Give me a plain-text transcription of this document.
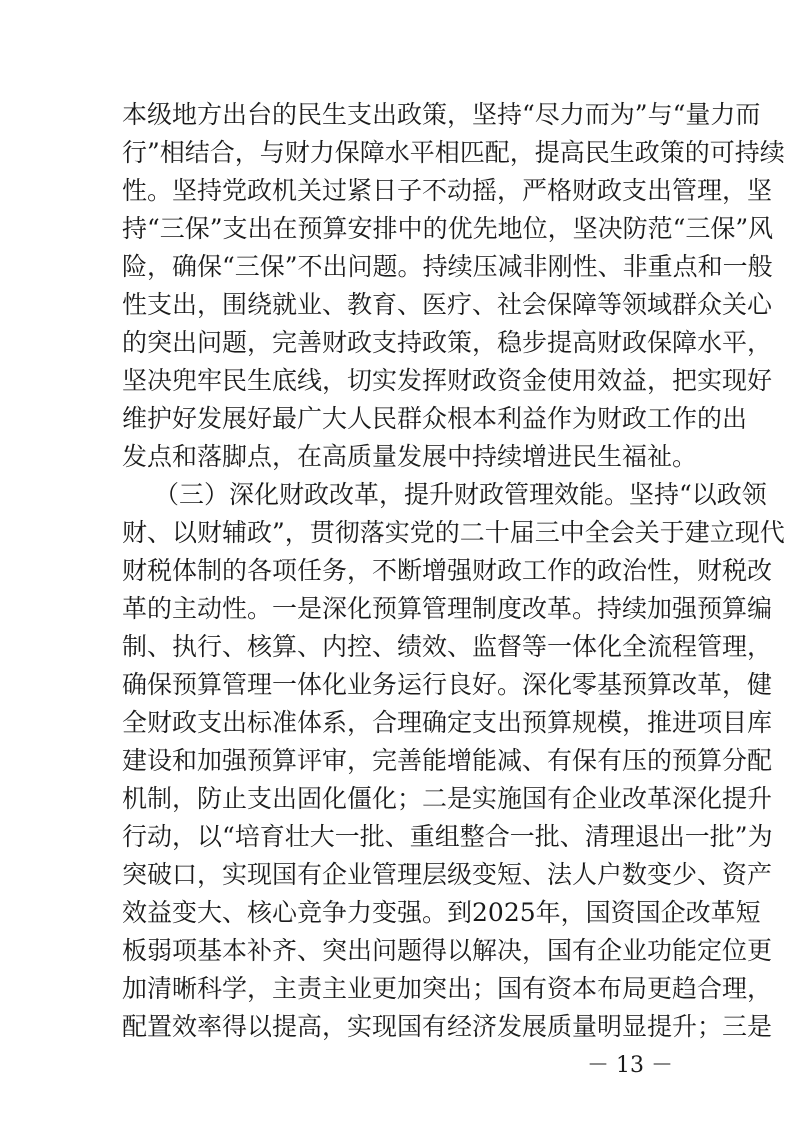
本级地方出台的民生支出政策，坚持“尽力而为”与“量力而
行”相结合，与财力保障水平相匹配，提高民生政策的可持续
性。坚持党政机关过紧日子不动摇，严格财政支出管理，坚
持“三保”支出在预算安排中的优先地位，坚决防范“三保”风
险，确保“三保”不出问题。持续压减非刚性、非重点和一般
性支出，围绕就业、教育、医疗、社会保障等领域群众关心
的突出问题，完善财政支持政策，稳步提高财政保障水平，
坚决兜牢民生底线，切实发挥财政资金使用效益，把实现好
维护好发展好最广大人民群众根本利益作为财政工作的出
发点和落脚点，在高质量发展中持续增进民生福祉。
（三）深化财政改革，提升财政管理效能。坚持“以政领
财、以财辅政”，贯彻落实党的二十届三中全会关于建立现代
财税体制的各项任务，不断增强财政工作的政治性，财税改
革的主动性。一是深化预算管理制度改革。持续加强预算编
制、执行、核算、内控、绩效、监督等一体化全流程管理，
确保预算管理一体化业务运行良好。深化零基预算改革，健
全财政支出标准体系，合理确定支出预算规模，推进项目库
建设和加强预算评审，完善能增能减、有保有压的预算分配
机制，防止支出固化僵化；二是实施国有企业改革深化提升
行动，以“培育壮大一批、重组整合一批、清理退出一批”为
突破口，实现国有企业管理层级变短、法人户数变少、资产
效益变大、核心竞争力变强。到2025年，国资国企改革短
板弱项基本补齐、突出问题得以解决，国有企业功能定位更
加清晰科学，主责主业更加突出；国有资本布局更趋合理，
配置效率得以提高，实现国有经济发展质量明显提升；三是
－ 13 －
